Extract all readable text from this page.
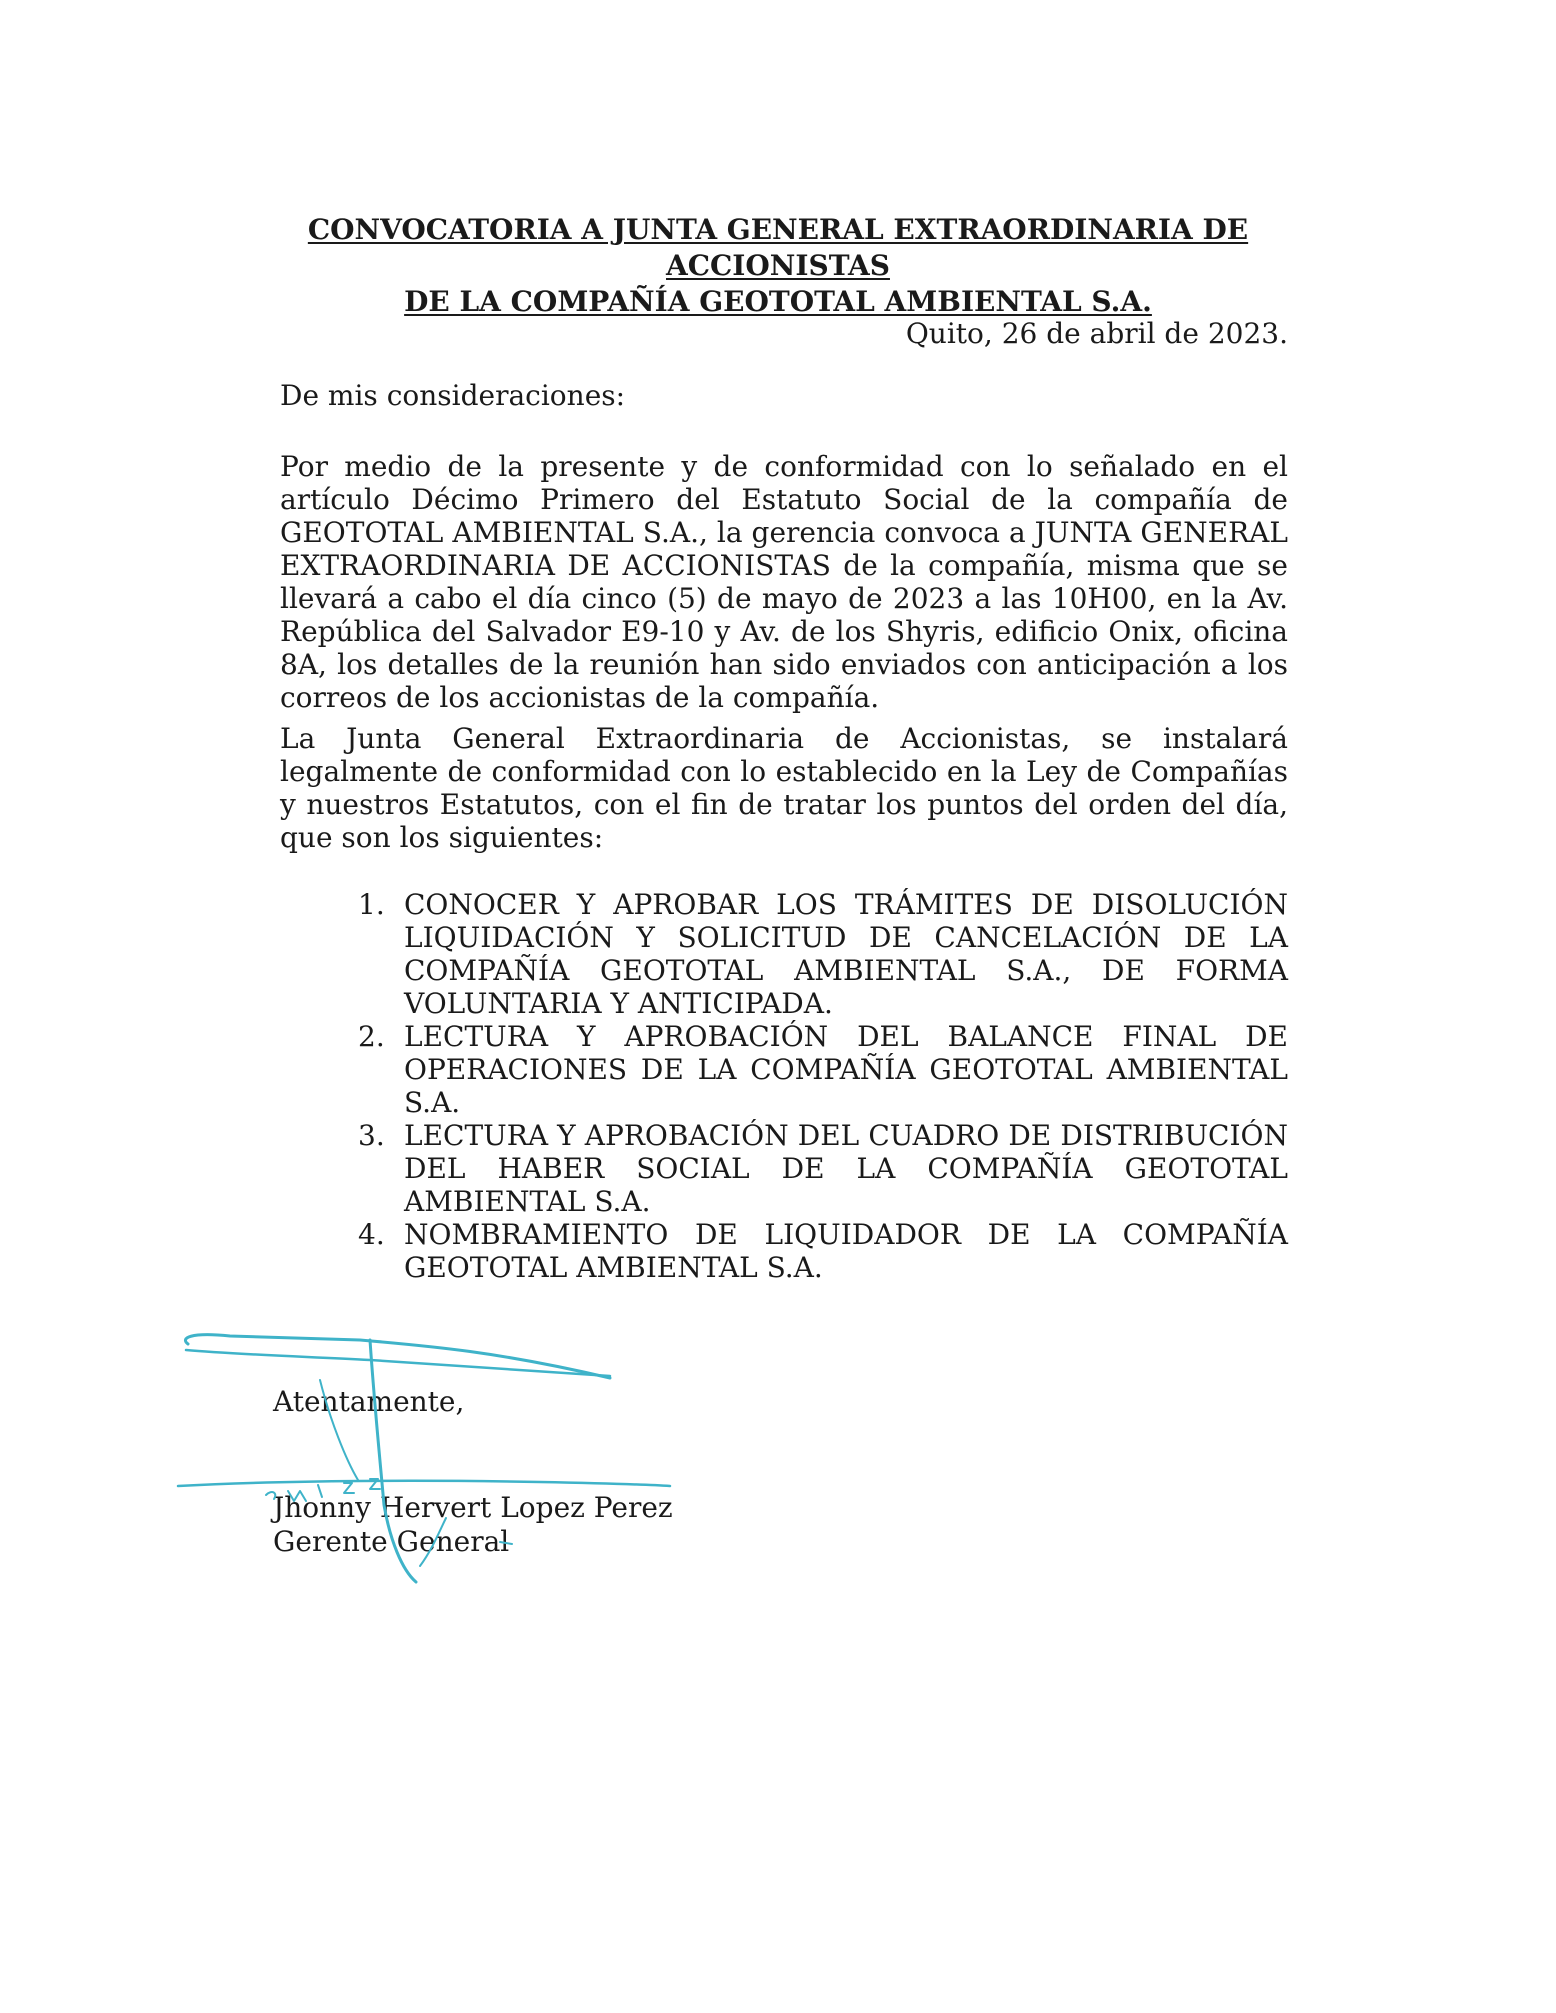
CONVOCATORIA A JUNTA GENERAL EXTRAORDINARIA DE ACCIONISTAS
DE LA COMPAÑÍA GEOTOTAL AMBIENTAL S.A.
Quito, 26 de abril de 2023.
De mis consideraciones:
Por medio de la presente y de conformidad con lo señalado en el artículo Décimo Primero del Estatuto Social de la compañía de GEOTOTAL AMBIENTAL S.A., la gerencia convoca a JUNTA GENERAL EXTRAORDINARIA DE ACCIONISTAS de la compañía, misma que se llevará a cabo el día cinco (5) de mayo de 2023 a las 10H00, en la Av. República del Salvador E9-10 y Av. de los Shyris, edificio Onix, oficina 8A, los detalles de la reunión han sido enviados con anticipación a los correos de los accionistas de la compañía.
La Junta General Extraordinaria de Accionistas, se instalará legalmente de conformidad con lo establecido en la Ley de Compañías y nuestros Estatutos, con el fin de tratar los puntos del orden del día, que son los siguientes:
1. CONOCER Y APROBAR LOS TRÁMITES DE DISOLUCIÓN LIQUIDACIÓN Y SOLICITUD DE CANCELACIÓN DE LA COMPAÑÍA GEOTOTAL AMBIENTAL S.A., DE FORMA VOLUNTARIA Y ANTICIPADA.
2. LECTURA Y APROBACIÓN DEL BALANCE FINAL DE OPERACIONES DE LA COMPAÑÍA GEOTOTAL AMBIENTAL S.A.
3. LECTURA Y APROBACIÓN DEL CUADRO DE DISTRIBUCIÓN DEL HABER SOCIAL DE LA COMPAÑÍA GEOTOTAL AMBIENTAL S.A.
4. NOMBRAMIENTO DE LIQUIDADOR DE LA COMPAÑÍA GEOTOTAL AMBIENTAL S.A.
Atentamente,
Jhonny Hervert Lopez Perez
Gerente General
